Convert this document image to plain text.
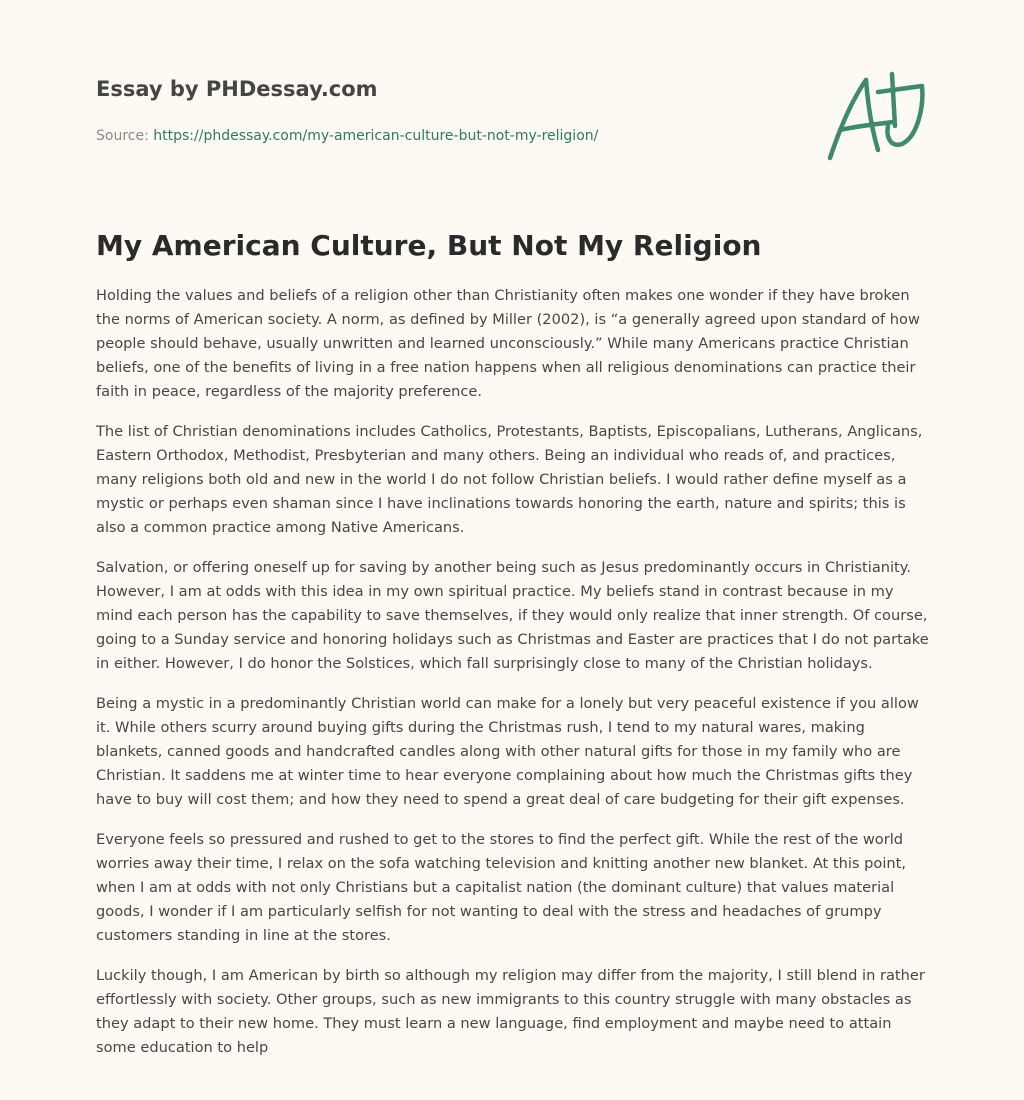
Essay by PHDessay.com
Source: https://phdessay.com/my-american-culture-but-not-my-religion/
My American Culture, But Not My Religion

Holding the values and beliefs of a religion other than Christianity often makes one wonder if they have broken the norms of American society. A norm, as defined by Miller (2002), is “a generally agreed upon standard of how people should behave, usually unwritten and learned unconsciously.” While many Americans practice Christian beliefs, one of the benefits of living in a free nation happens when all religious denominations can practice their faith in peace, regardless of the majority preference.

The list of Christian denominations includes Catholics, Protestants, Baptists, Episcopalians, Lutherans, Anglicans, Eastern Orthodox, Methodist, Presbyterian and many others. Being an individual who reads of, and practices, many religions both old and new in the world I do not follow Christian beliefs. I would rather define myself as a mystic or perhaps even shaman since I have inclinations towards honoring the earth, nature and spirits; this is also a common practice among Native Americans.

Salvation, or offering oneself up for saving by another being such as Jesus predominantly occurs in Christianity. However, I am at odds with this idea in my own spiritual practice. My beliefs stand in contrast because in my mind each person has the capability to save themselves, if they would only realize that inner strength. Of course, going to a Sunday service and honoring holidays such as Christmas and Easter are practices that I do not partake in either. However, I do honor the Solstices, which fall surprisingly close to many of the Christian holidays.

Being a mystic in a predominantly Christian world can make for a lonely but very peaceful existence if you allow it. While others scurry around buying gifts during the Christmas rush, I tend to my natural wares, making blankets, canned goods and handcrafted candles along with other natural gifts for those in my family who are Christian. It saddens me at winter time to hear everyone complaining about how much the Christmas gifts they have to buy will cost them; and how they need to spend a great deal of care budgeting for their gift expenses.

Everyone feels so pressured and rushed to get to the stores to find the perfect gift. While the rest of the world worries away their time, I relax on the sofa watching television and knitting another new blanket. At this point, when I am at odds with not only Christians but a capitalist nation (the dominant culture) that values material goods, I wonder if I am particularly selfish for not wanting to deal with the stress and headaches of grumpy customers standing in line at the stores.

Luckily though, I am American by birth so although my religion may differ from the majority, I still blend in rather effortlessly with society. Other groups, such as new immigrants to this country struggle with many obstacles as they adapt to their new home. They must learn a new language, find employment and maybe need to attain some education to help
